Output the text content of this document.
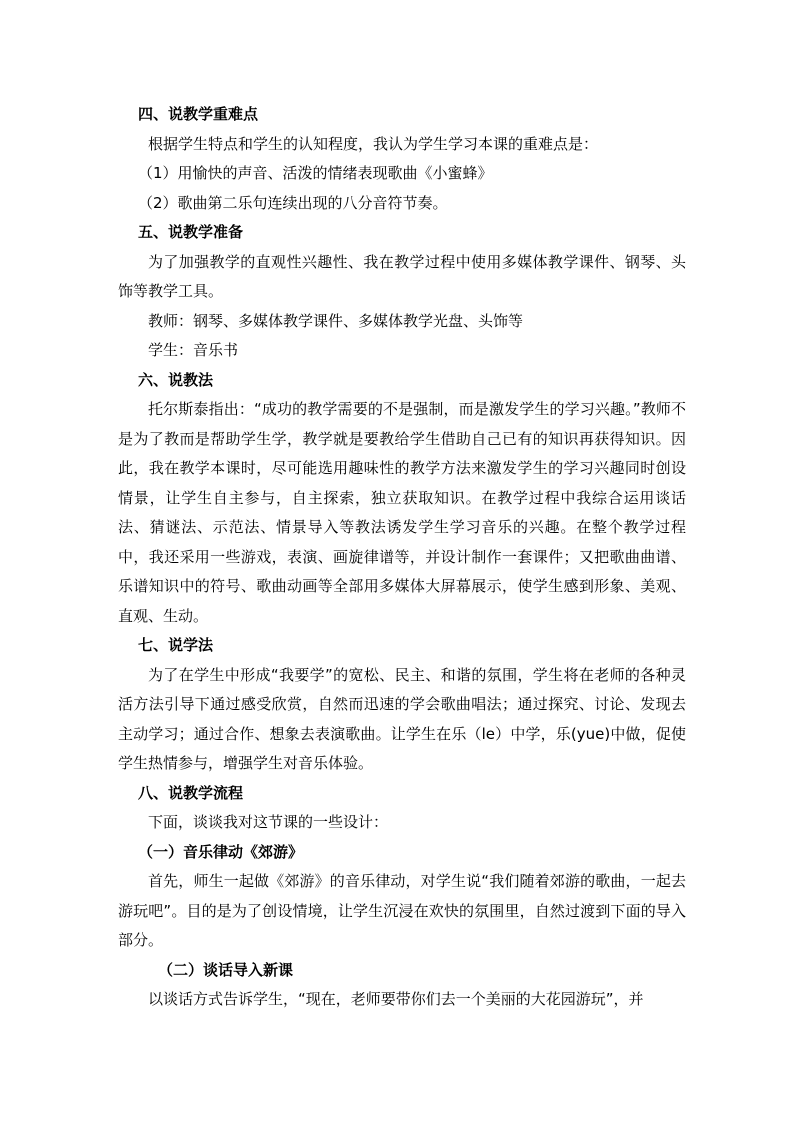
四、说教学重难点

根据学生特点和学生的认知程度，我认为学生学习本课的重难点是：

（1）用愉快的声音、活泼的情绪表现歌曲《小蜜蜂》

（2）歌曲第二乐句连续出现的八分音符节奏。

五、说教学准备

为了加强教学的直观性兴趣性、我在教学过程中使用多媒体教学课件、钢琴、头饰等教学工具。

教师：钢琴、多媒体教学课件、多媒体教学光盘、头饰等

学生：音乐书

六、说教法

托尔斯泰指出：“成功的教学需要的不是强制，而是激发学生的学习兴趣。”教师不是为了教而是帮助学生学，教学就是要教给学生借助自己已有的知识再获得知识。因此，我在教学本课时，尽可能选用趣味性的教学方法来激发学生的学习兴趣同时创设情景，让学生自主参与，自主探索，独立获取知识。在教学过程中我综合运用谈话法、猜谜法、示范法、情景导入等教法诱发学生学习音乐的兴趣。在整个教学过程中，我还采用一些游戏，表演、画旋律谱等，并设计制作一套课件；又把歌曲曲谱、乐谱知识中的符号、歌曲动画等全部用多媒体大屏幕展示，使学生感到形象、美观、直观、生动。

七、说学法

为了在学生中形成“我要学”的宽松、民主、和谐的氛围，学生将在老师的各种灵活方法引导下通过感受欣赏，自然而迅速的学会歌曲唱法；通过探究、讨论、发现去主动学习；通过合作、想象去表演歌曲。让学生在乐（le）中学，乐(yue)中做，促使学生热情参与，增强学生对音乐体验。

八、说教学流程

下面，谈谈我对这节课的一些设计：

（一）音乐律动《郊游》

首先，师生一起做《郊游》的音乐律动，对学生说“我们随着郊游的歌曲，一起去游玩吧”。目的是为了创设情境，让学生沉浸在欢快的氛围里，自然过渡到下面的导入部分。

（二）谈话导入新课

以谈话方式告诉学生，“现在，老师要带你们去一个美丽的大花园游玩”，并
